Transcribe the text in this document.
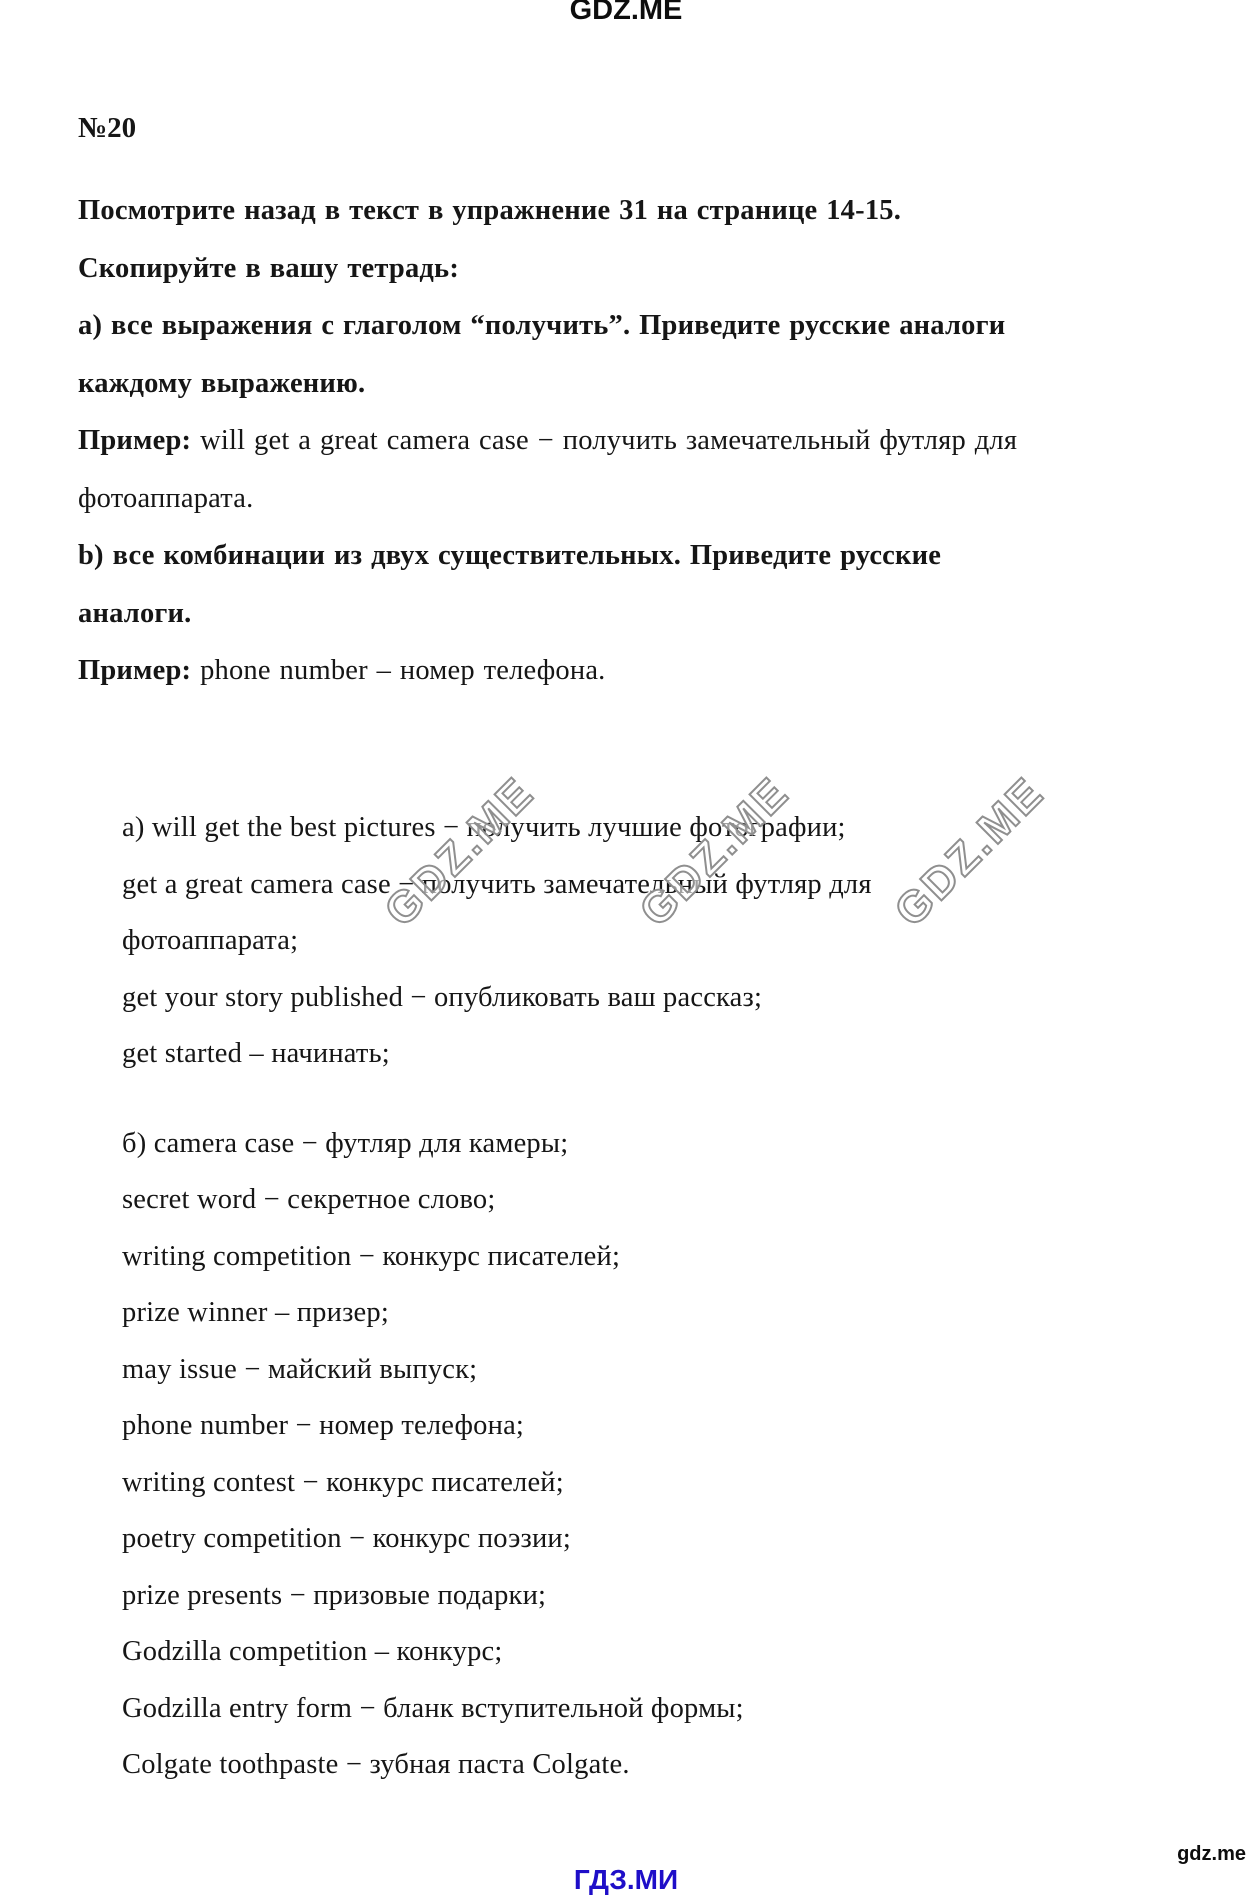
GDZ.ME
№20
Посмотрите назад в текст в упражнение 31 на странице 14-15.
Скопируйте в вашу тетрадь:
а) все выражения с глаголом “получить”. Приведите русские аналоги
каждому выражению.
Пример: will get a great camera case − получить замечательный футляр для
фотоаппарата.
b) все комбинации из двух существительных. Приведите русские
аналоги.
Пример: phone number – номер телефона.
а) will get the best pictures − получить лучшие фотографии;
get a great camera case − получить замечательный футляр для
фотоаппарата;
get your story published − опубликовать ваш рассказ;
get started – начинать;
б) camera case − футляр для камеры;
secret word − секретное слово;
writing competition − конкурс писателей;
prize winner – призер;
may issue − майский выпуск;
phone number − номер телефона;
writing contest − конкурс писателей;
poetry competition − конкурс поэзии;
prize presents − призовые подарки;
Godzilla competition – конкурс;
Godzilla entry form − бланк вступительной формы;
Colgate toothpaste − зубная паста Colgate.
GDZ.ME GDZ.ME GDZ.ME
ГДЗ.МИ
gdz.me
